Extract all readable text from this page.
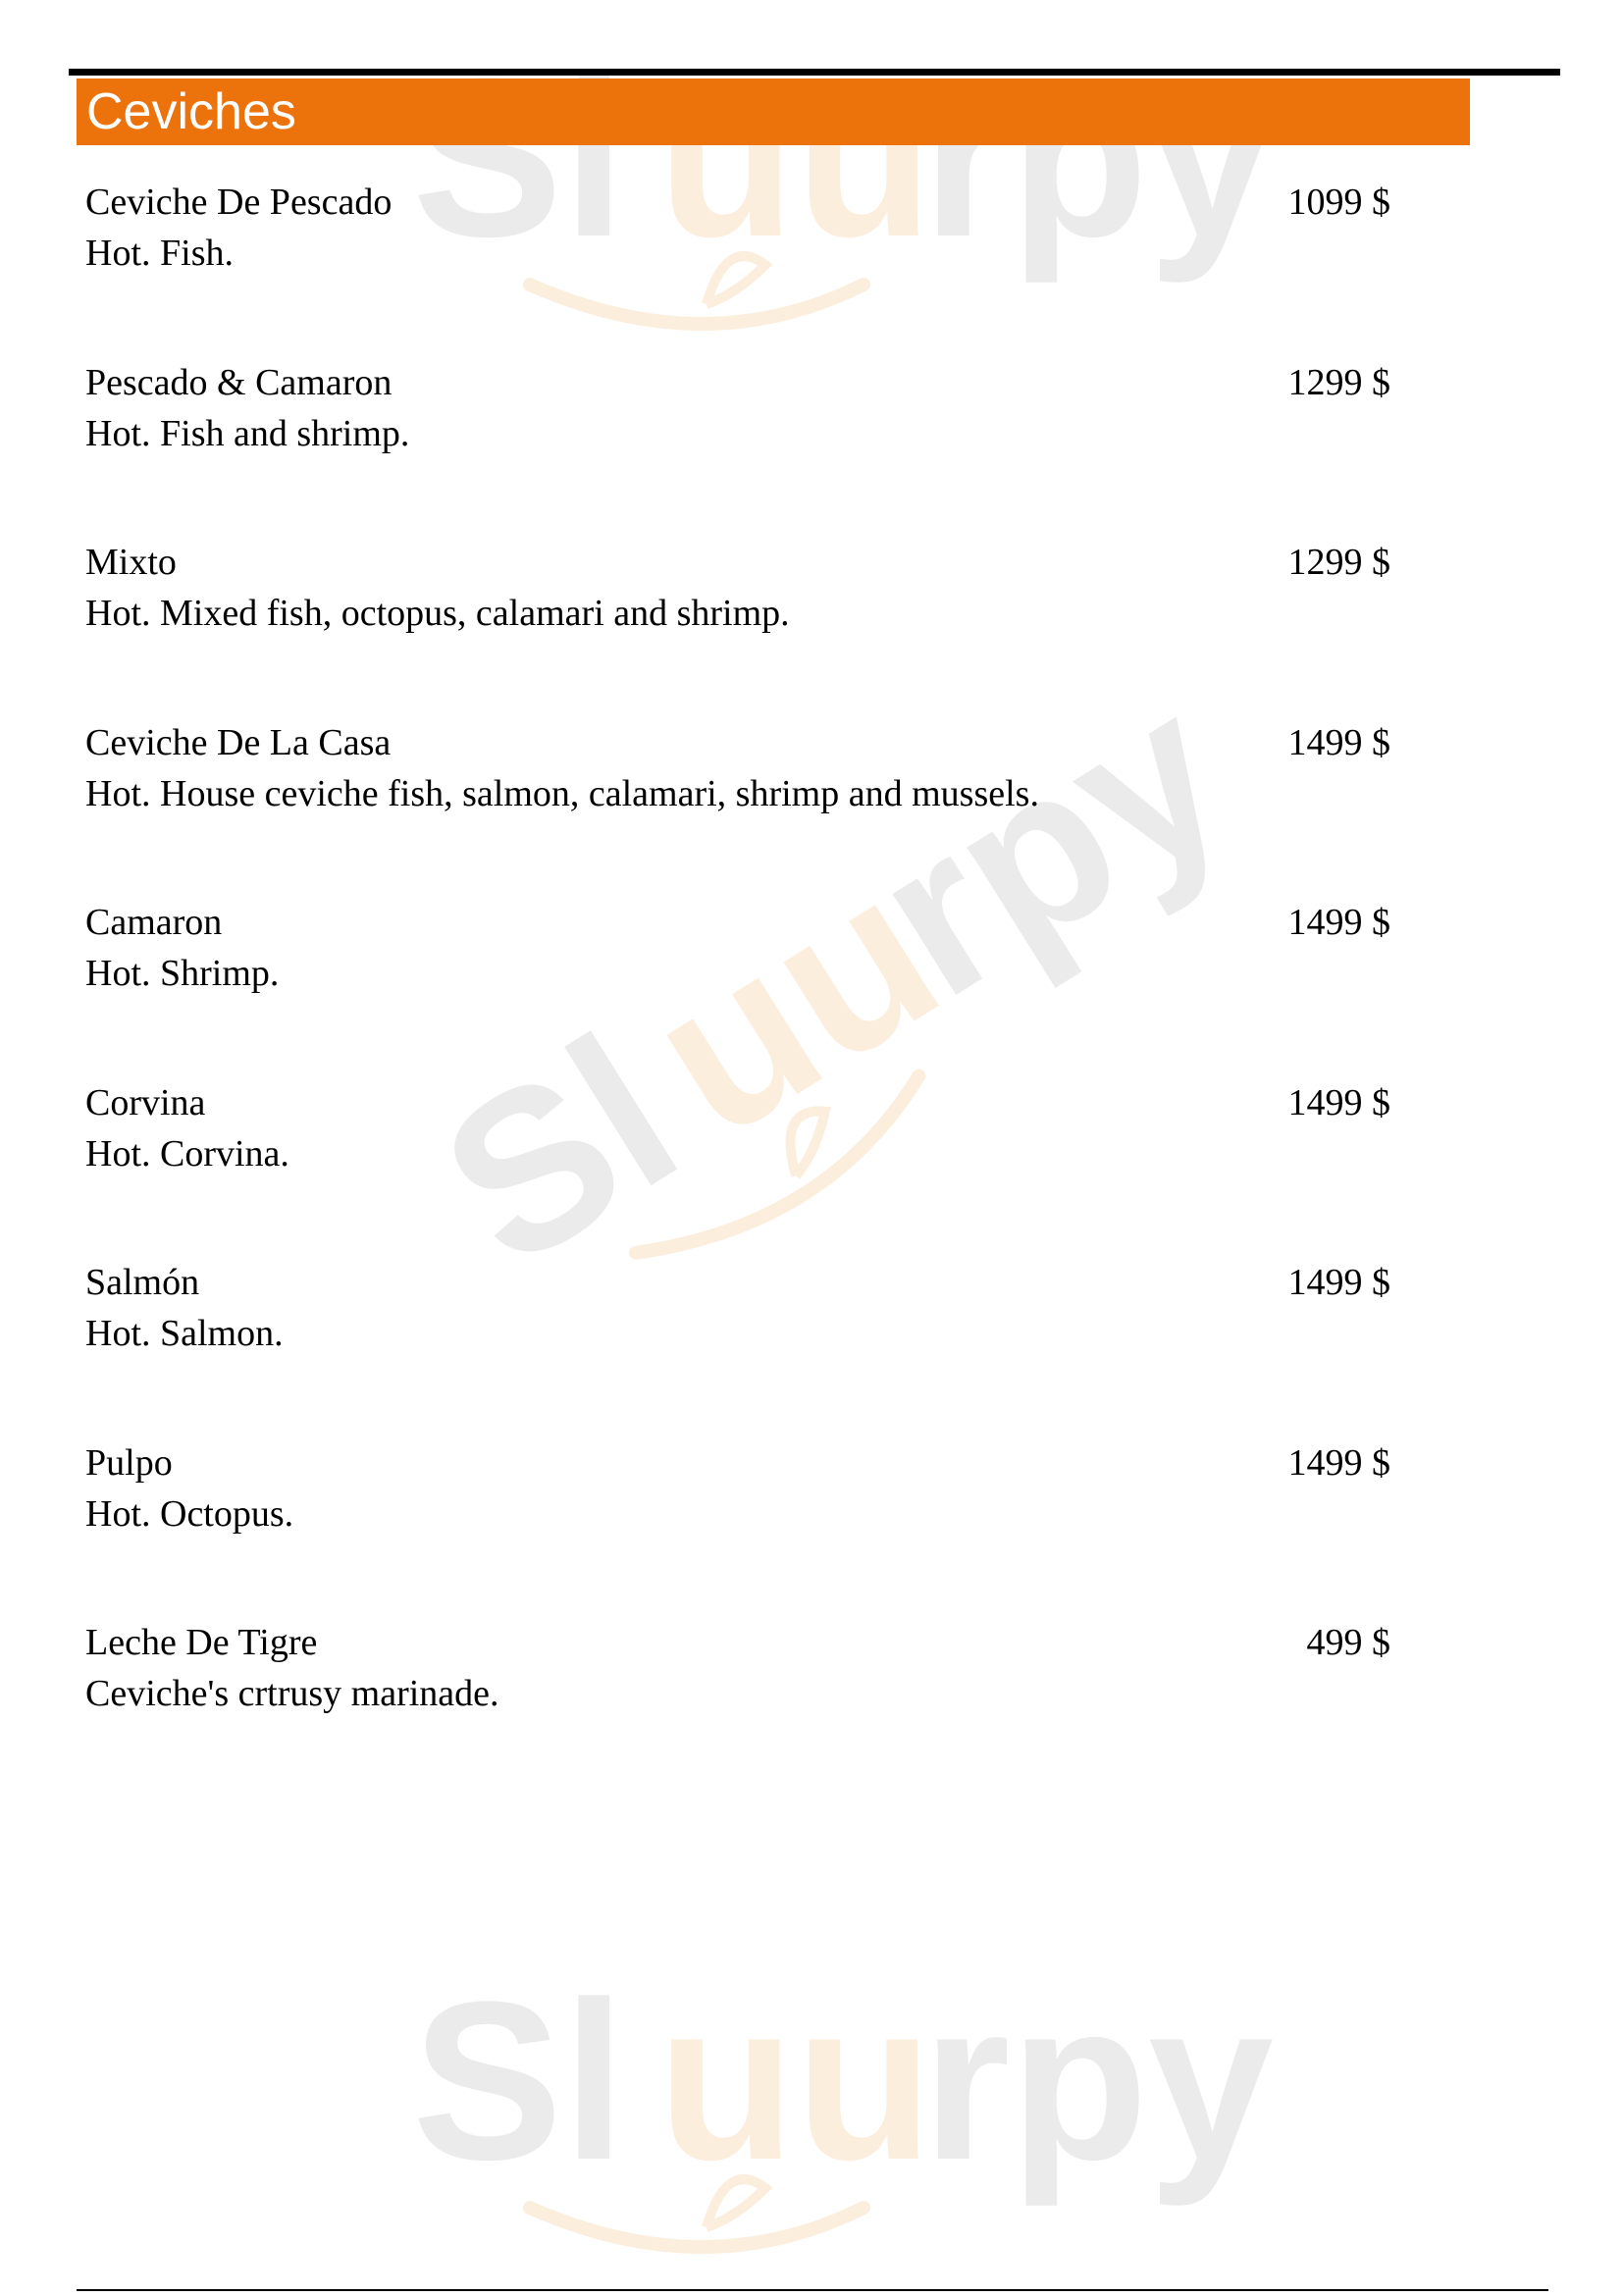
Sl uu
rpy
Sl
uu
rpy
Sl uu
rpy
Ceviches
Ceviche De Pescado
Hot. Fish.
1099 $
Pescado & Camaron
Hot. Fish and shrimp.
1299 $
Mixto
Hot. Mixed fish, octopus, calamari and shrimp.
1299 $
Ceviche De La Casa
Hot. House ceviche fish, salmon, calamari, shrimp and mussels.
1499 $
Camaron
Hot. Shrimp.
1499 $
Corvina
Hot. Corvina.
1499 $
Salmón
Hot. Salmon.
1499 $
Pulpo
Hot. Octopus.
1499 $
Leche De Tigre
Ceviche's crtrusy marinade.
499 $
